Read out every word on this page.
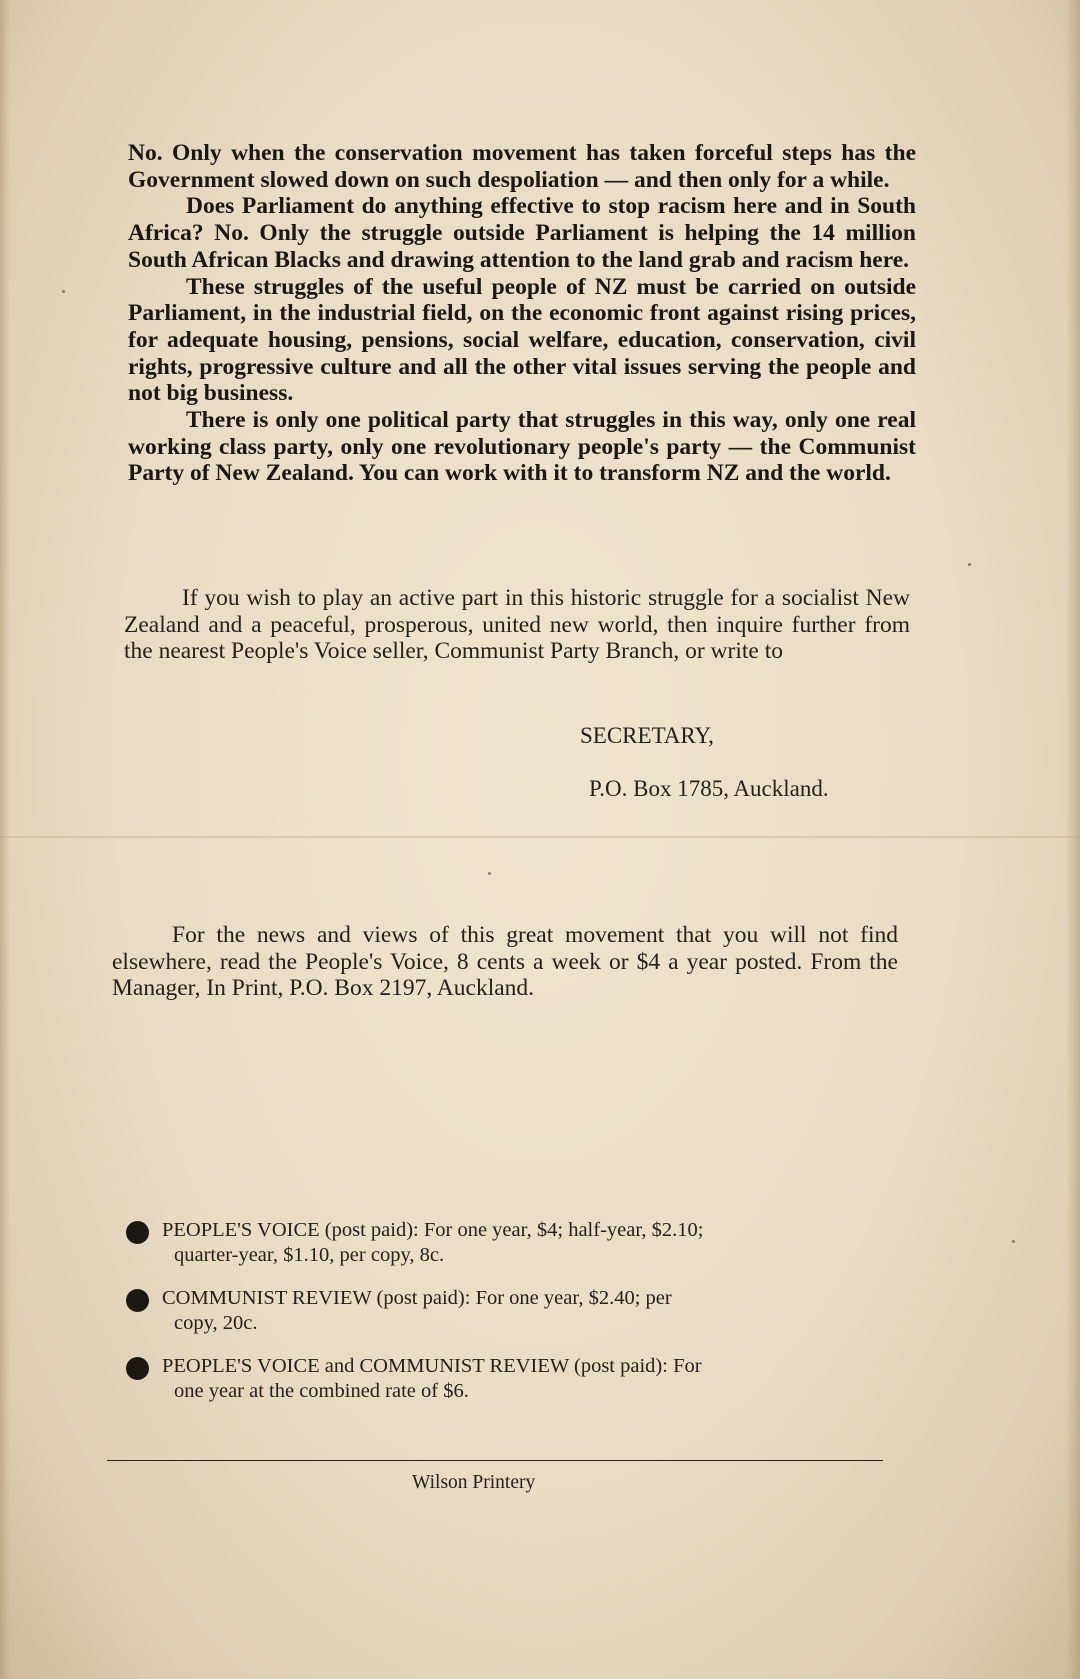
No. Only when the conservation movement has taken forceful steps has the Government slowed down on such despoliation — and then only for a while.

Does Parliament do anything effective to stop racism here and in South Africa? No. Only the struggle outside Parliament is helping the 14 million South African Blacks and drawing attention to the land grab and racism here.

These struggles of the useful people of NZ must be carried on outside Parliament, in the industrial field, on the economic front against rising prices, for adequate housing, pensions, social welfare, education, conservation, civil rights, progressive culture and all the other vital issues serving the people and not big business.

There is only one political party that struggles in this way, only one real working class party, only one revolutionary people's party — the Communist Party of New Zealand. You can work with it to transform NZ and the world.

If you wish to play an active part in this historic struggle for a socialist New Zealand and a peaceful, prosperous, united new world, then inquire further from the nearest People's Voice seller, Communist Party Branch, or write to

SECRETARY,
P.O. Box 1785, Auckland.

For the news and views of this great movement that you will not find elsewhere, read the People's Voice, 8 cents a week or $4 a year posted. From the Manager, In Print, P.O. Box 2197, Auckland.

PEOPLE'S VOICE (post paid): For one year, $4; half-year, $2.10;
quarter-year, $1.10, per copy, 8c.
COMMUNIST REVIEW (post paid): For one year, $2.40; per
copy, 20c.
PEOPLE'S VOICE and COMMUNIST REVIEW (post paid): For
one year at the combined rate of $6.
Wilson Printery
